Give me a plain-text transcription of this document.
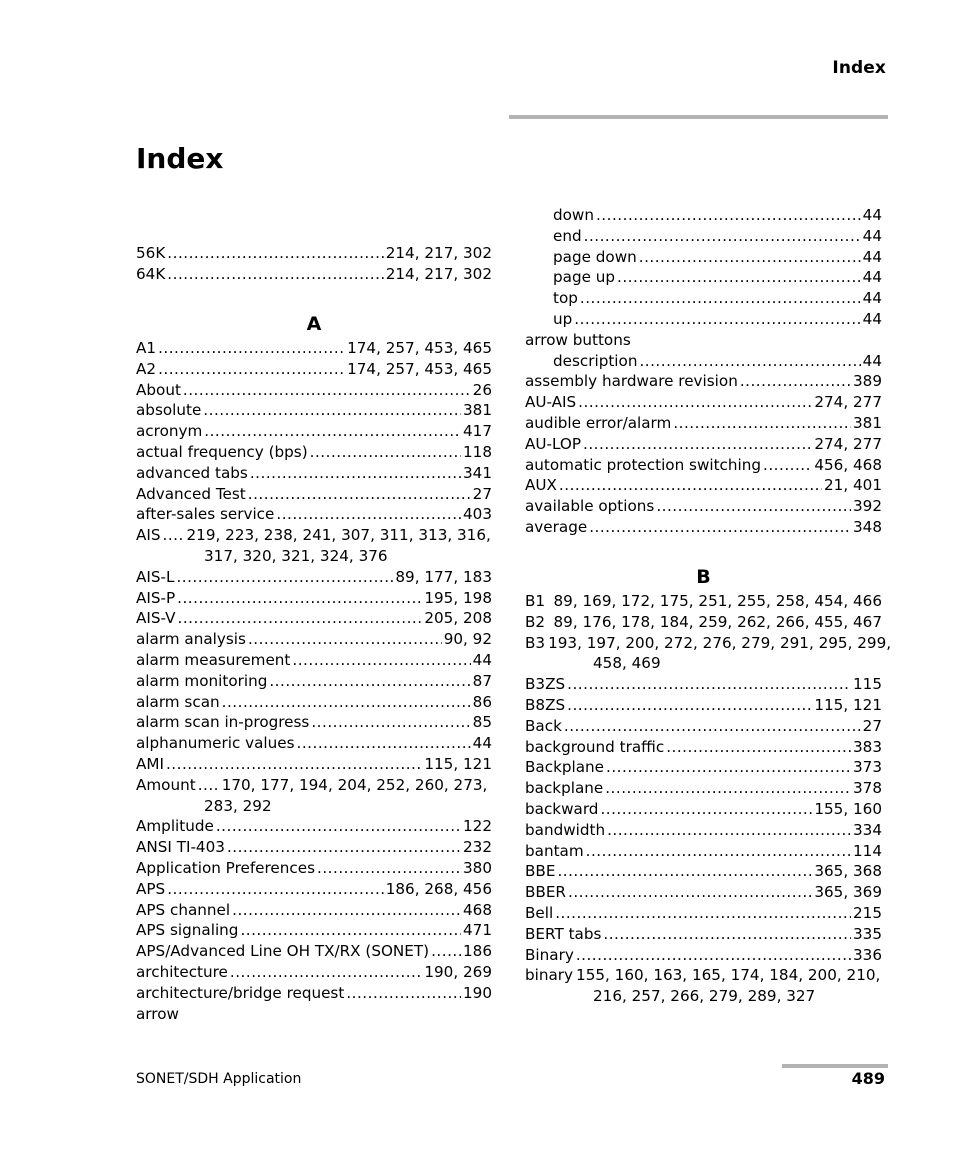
Index
Index
56K .....	214, 217, 302
64K .....	214, 217, 302
A
A1 .....	174, 257, 453, 465
A2 .....	174, 257, 453, 465
About .....	26
absolute .....	381
acronym .....	417
actual frequency (bps) .....	118
advanced tabs .....	341
Advanced Test .....	27
after-sales service .....	403
AIS ..... 219, 223, 238, 241, 307, 311, 313, 316,
317, 320, 321, 324, 376
AIS-L .....	89, 177, 183
AIS-P .....	195, 198
AIS-V .....	205, 208
alarm analysis .....	90, 92
alarm measurement .....	44
alarm monitoring .....	87
alarm scan .....	86
alarm scan in-progress .....	85
alphanumeric values .....	44
AMI .....	115, 121
Amount ..... 170, 177, 194, 204, 252, 260, 273,
283, 292
Amplitude .....	122
ANSI TI-403 .....	232
Application Preferences .....	380
APS .....	186, 268, 456
APS channel .....	468
APS signaling .....	471
APS/Advanced Line OH TX/RX (SONET) ..... 186
architecture .....	190, 269
architecture/bridge request .....	190
arrow
down .....	44
end .....	44
page down .....	44
page up .....	44
top .....	44
up .....	44
arrow buttons
description .....	44
assembly hardware revision .....	389
AU-AIS .....	274, 277
audible error/alarm .....	381
AU-LOP .....	274, 277
automatic protection switching .....	456, 468
AUX .....	21, 401
available options .....	392
average .....	348
B
B1 89, 169, 172, 175, 251, 255, 258, 454, 466
B2 89, 176, 178, 184, 259, 262, 266, 455, 467
B3 193, 197, 200, 272, 276, 279, 291, 295, 299,
458, 469
B3ZS .....	115
B8ZS .....	115, 121
Back .....	27
background traffic .....	383
Backplane .....	373
backplane .....	378
backward .....	155, 160
bandwidth .....	334
bantam .....	114
BBE .....	365, 368
BBER .....	365, 369
Bell .....	215
BERT tabs .....	335
Binary .....	336
binary 155, 160, 163, 165, 174, 184, 200, 210,
216, 257, 266, 279, 289, 327
SONET/SDH Application	489
